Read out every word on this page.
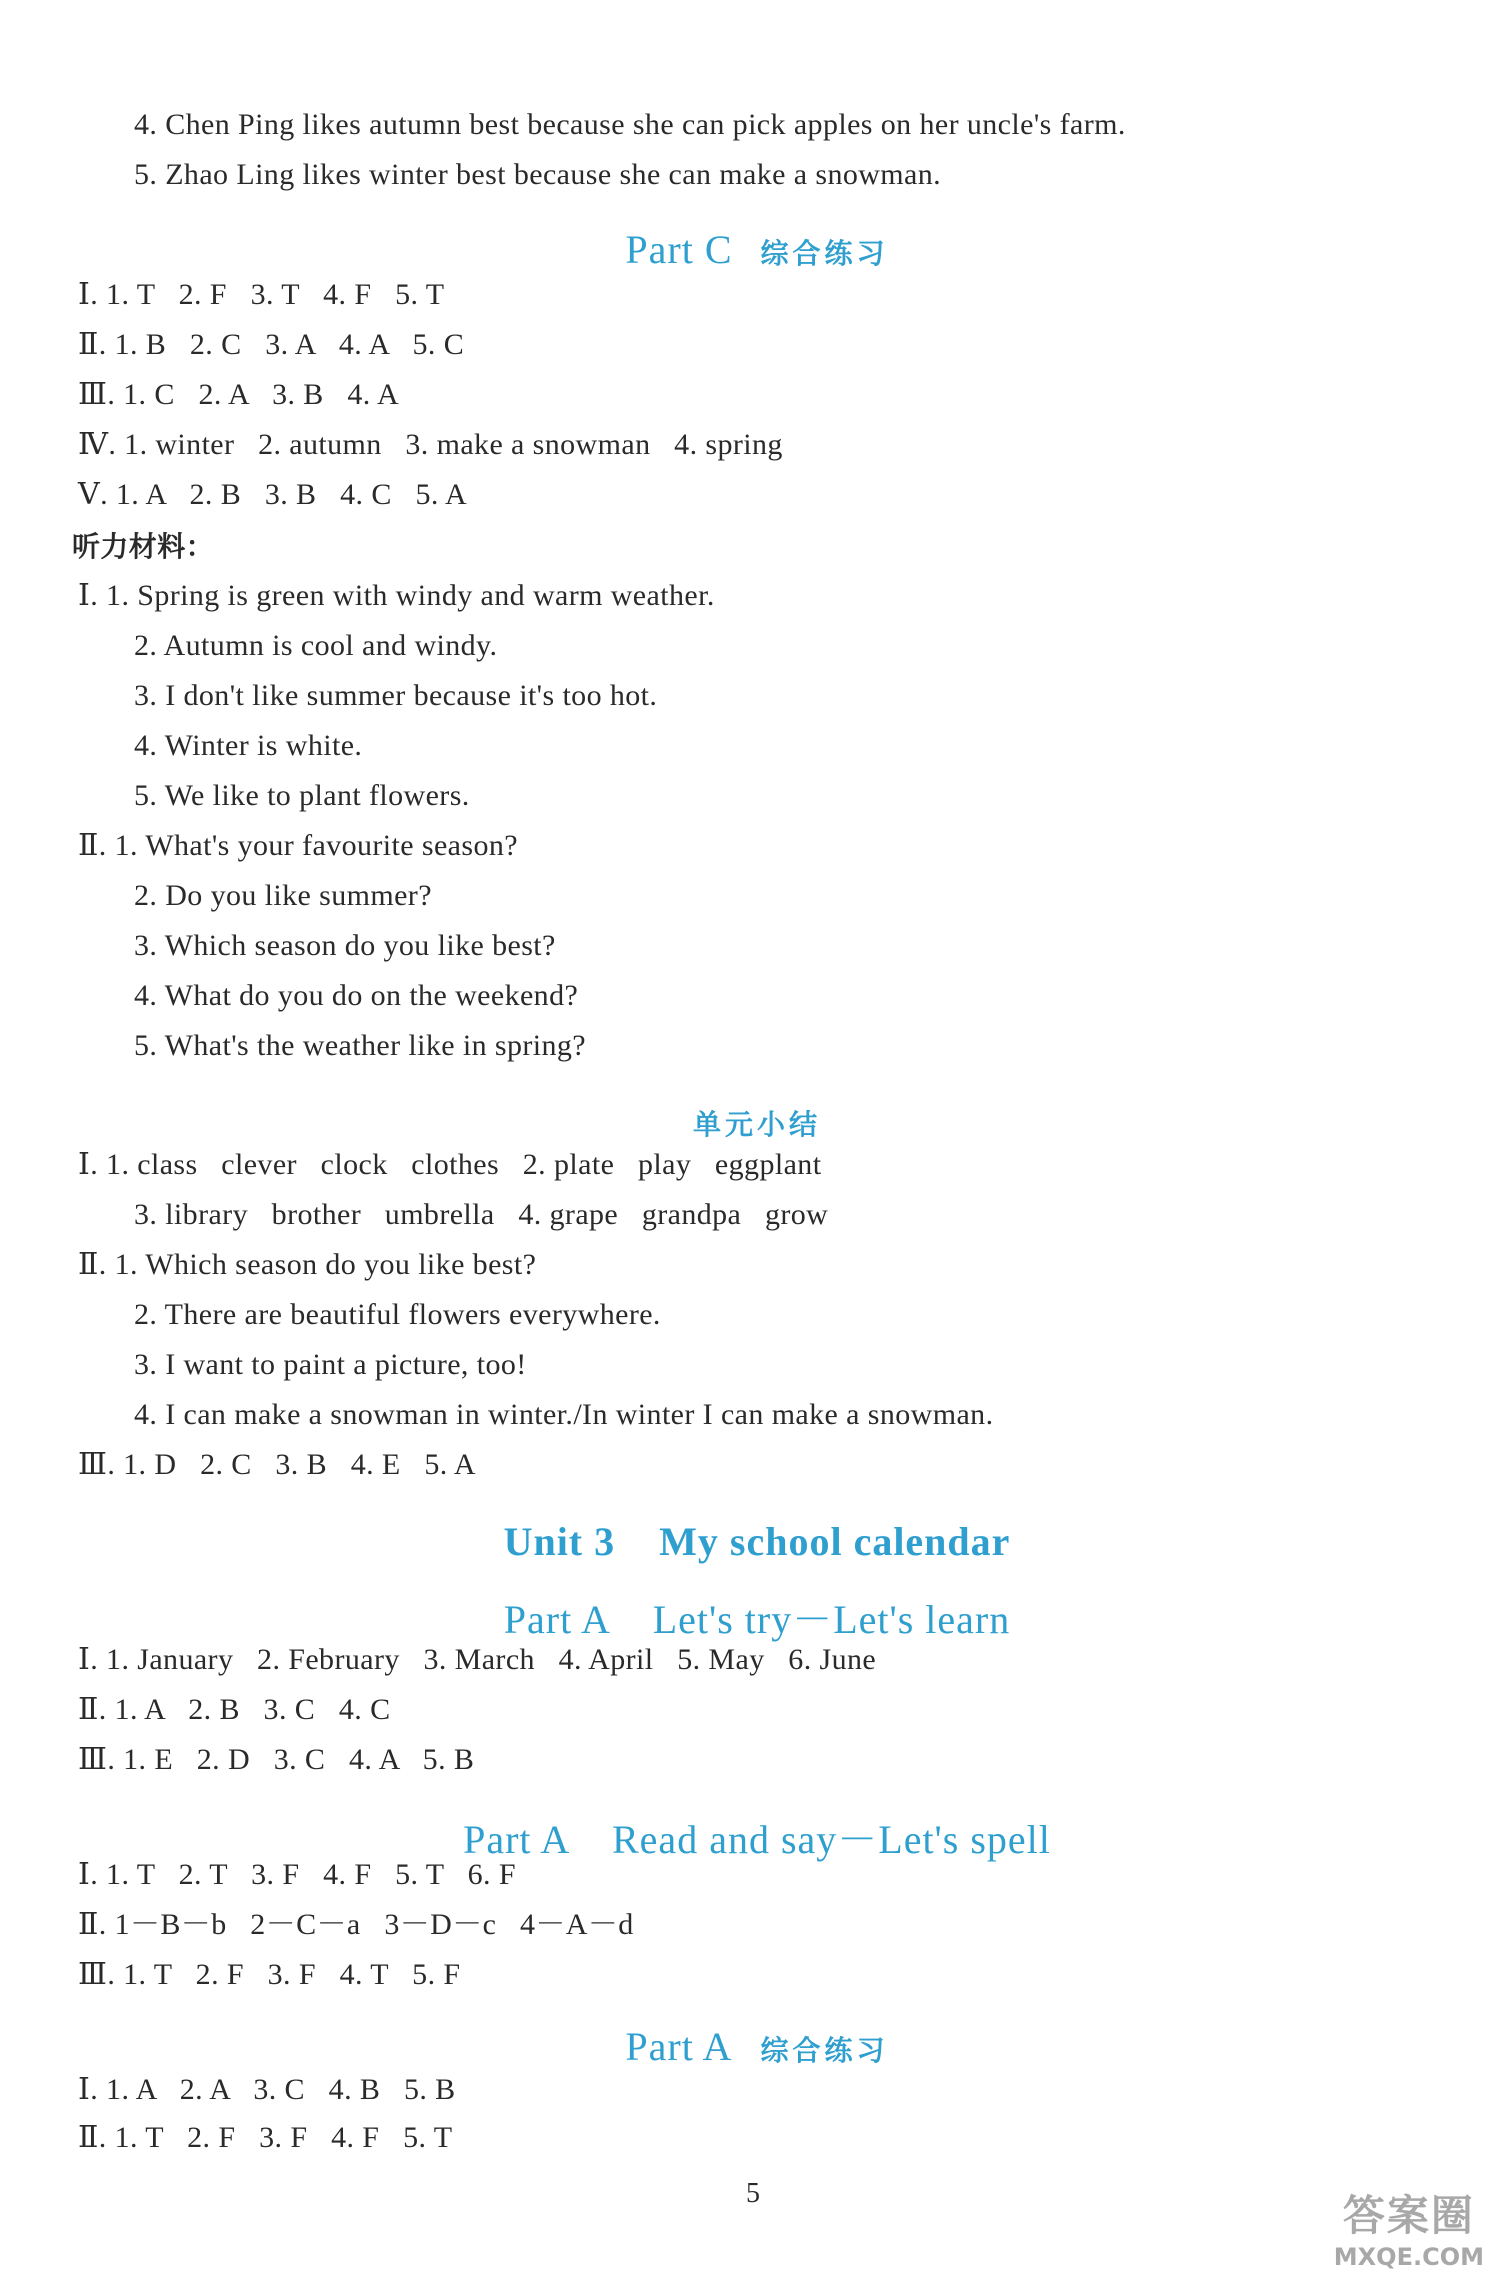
4. Chen Ping likes autumn best because she can pick apples on her uncle's farm.
5. Zhao Ling likes winter best because she can make a snowman.

Part C 综合练习

Ⅰ. 1. T   2. F   3. T   4. F   5. T
Ⅱ. 1. B   2. C   3. A   4. A   5. C
Ⅲ. 1. C   2. A   3. B   4. A
Ⅳ. 1. winter   2. autumn   3. make a snowman   4. spring
Ⅴ. 1. A   2. B   3. B   4. C   5. A
听力材料：
Ⅰ. 1. Spring is green with windy and warm weather.
2. Autumn is cool and windy.
3. I don't like summer because it's too hot.
4. Winter is white.
5. We like to plant flowers.
Ⅱ. 1. What's your favourite season?
2. Do you like summer?
3. Which season do you like best?
4. What do you do on the weekend?
5. What's the weather like in spring?

单元小结

Ⅰ. 1. class   clever   clock   clothes   2. plate   play   eggplant
3. library   brother   umbrella   4. grape   grandpa   grow
Ⅱ. 1. Which season do you like best?
2. There are beautiful flowers everywhere.
3. I want to paint a picture, too!
4. I can make a snowman in winter./In winter I can make a snowman.
Ⅲ. 1. D   2. C   3. B   4. E   5. A

Unit 3    My school calendar

Part A    Let's try－Let's learn

Ⅰ. 1. January   2. February   3. March   4. April   5. May   6. June
Ⅱ. 1. A   2. B   3. C   4. C
Ⅲ. 1. E   2. D   3. C   4. A   5. B

Part A    Read and say－Let's spell

Ⅰ. 1. T   2. T   3. F   4. F   5. T   6. F
Ⅱ. 1－B－b   2－C－a   3－D－c   4－A－d
Ⅲ. 1. T   2. F   3. F   4. T   5. F

Part A 综合练习

Ⅰ. 1. A   2. A   3. C   4. B   5. B
Ⅱ. 1. T   2. F   3. F   4. F   5. T
5	答案圈
MXQE.COM
